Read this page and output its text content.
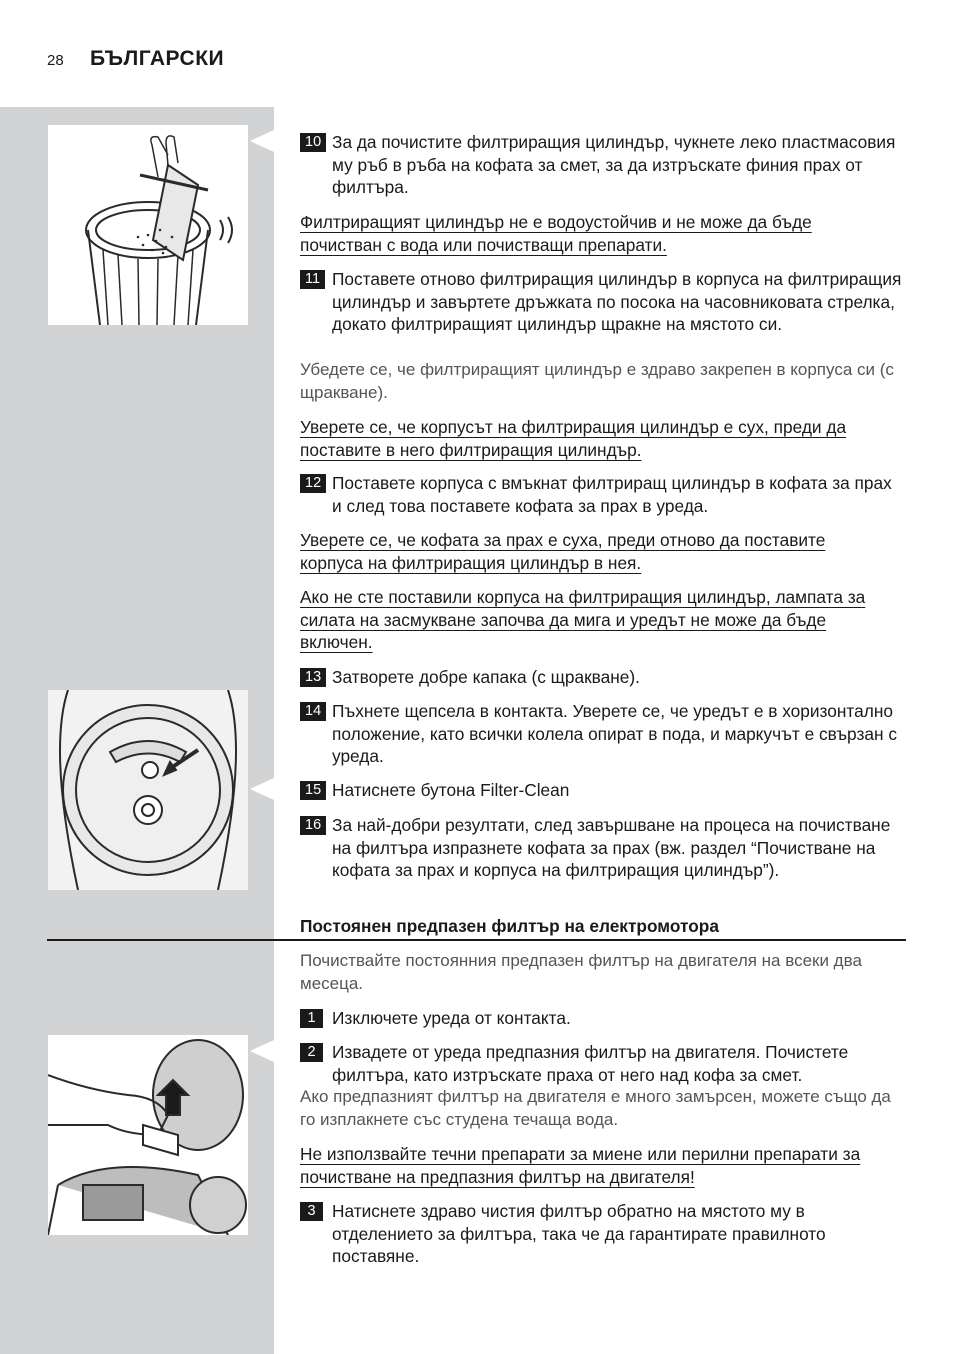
28 БЪЛГАРСКИ
10 За да почистите филтриращия цилиндър, чукнете леко пластмасовия му ръб в ръба на кофата за смет, за да изтръскате финия прах от филтъра.
Филтриращият цилиндър не е водоустойчив и не може да бъде почистван с вода или почистващи препарати.
11 Поставете отново филтриращия цилиндър в корпуса на филтриращия цилиндър и завъртете дръжката по посока на часовниковата стрелка, докато филтриращият цилиндър щракне на мястото си.
Убедете се, че филтриращият цилиндър е здраво закрепен в корпуса си (с щракване).
Уверете се, че корпусът на филтриращия цилиндър е сух, преди да поставите в него филтриращия цилиндър.
12 Поставете корпуса с вмъкнат филтриращ цилиндър в кофата за прах и след това поставете кофата за прах в уреда.
Уверете се, че кофата за прах е суха, преди отново да поставите корпуса на филтриращия цилиндър в нея.
Ако не сте поставили корпуса на филтриращия цилиндър, лампата за силата на засмукване започва да мига и уредът не може да бъде включен.
13 Затворете добре капака (с щракване).
14 Пъхнете щепсела в контакта. Уверете се, че уредът е в хоризонтално положение, като всички колела опират в пода, и маркучът е свързан с уреда.
15 Натиснете бутона Filter-Clean
16 За най-добри резултати, след завършване на процеса на почистване на филтъра изпразнете кофата за прах (вж. раздел “Почистване на кофата за прах и корпуса на филтриращия цилиндър”).
Постоянен предпазен филтър на електромотора
Почиствайте постоянния предпазен филтър на двигателя на всеки два месеца.
1 Изключете уреда от контакта.
2 Извадете от уреда предпазния филтър на двигателя. Почистете филтъра, като изтръскате праха от него над кофа за смет.
Ако предпазният филтър на двигателя е много замърсен, можете също да го изплакнете със студена течаща вода.
Не използвайте течни препарати за миене или перилни препарати за почистване на предпазния филтър на двигателя!
3 Натиснете здраво чистия филтър обратно на мястото му в отделението за филтъра, така че да гарантирате правилното поставяне.
